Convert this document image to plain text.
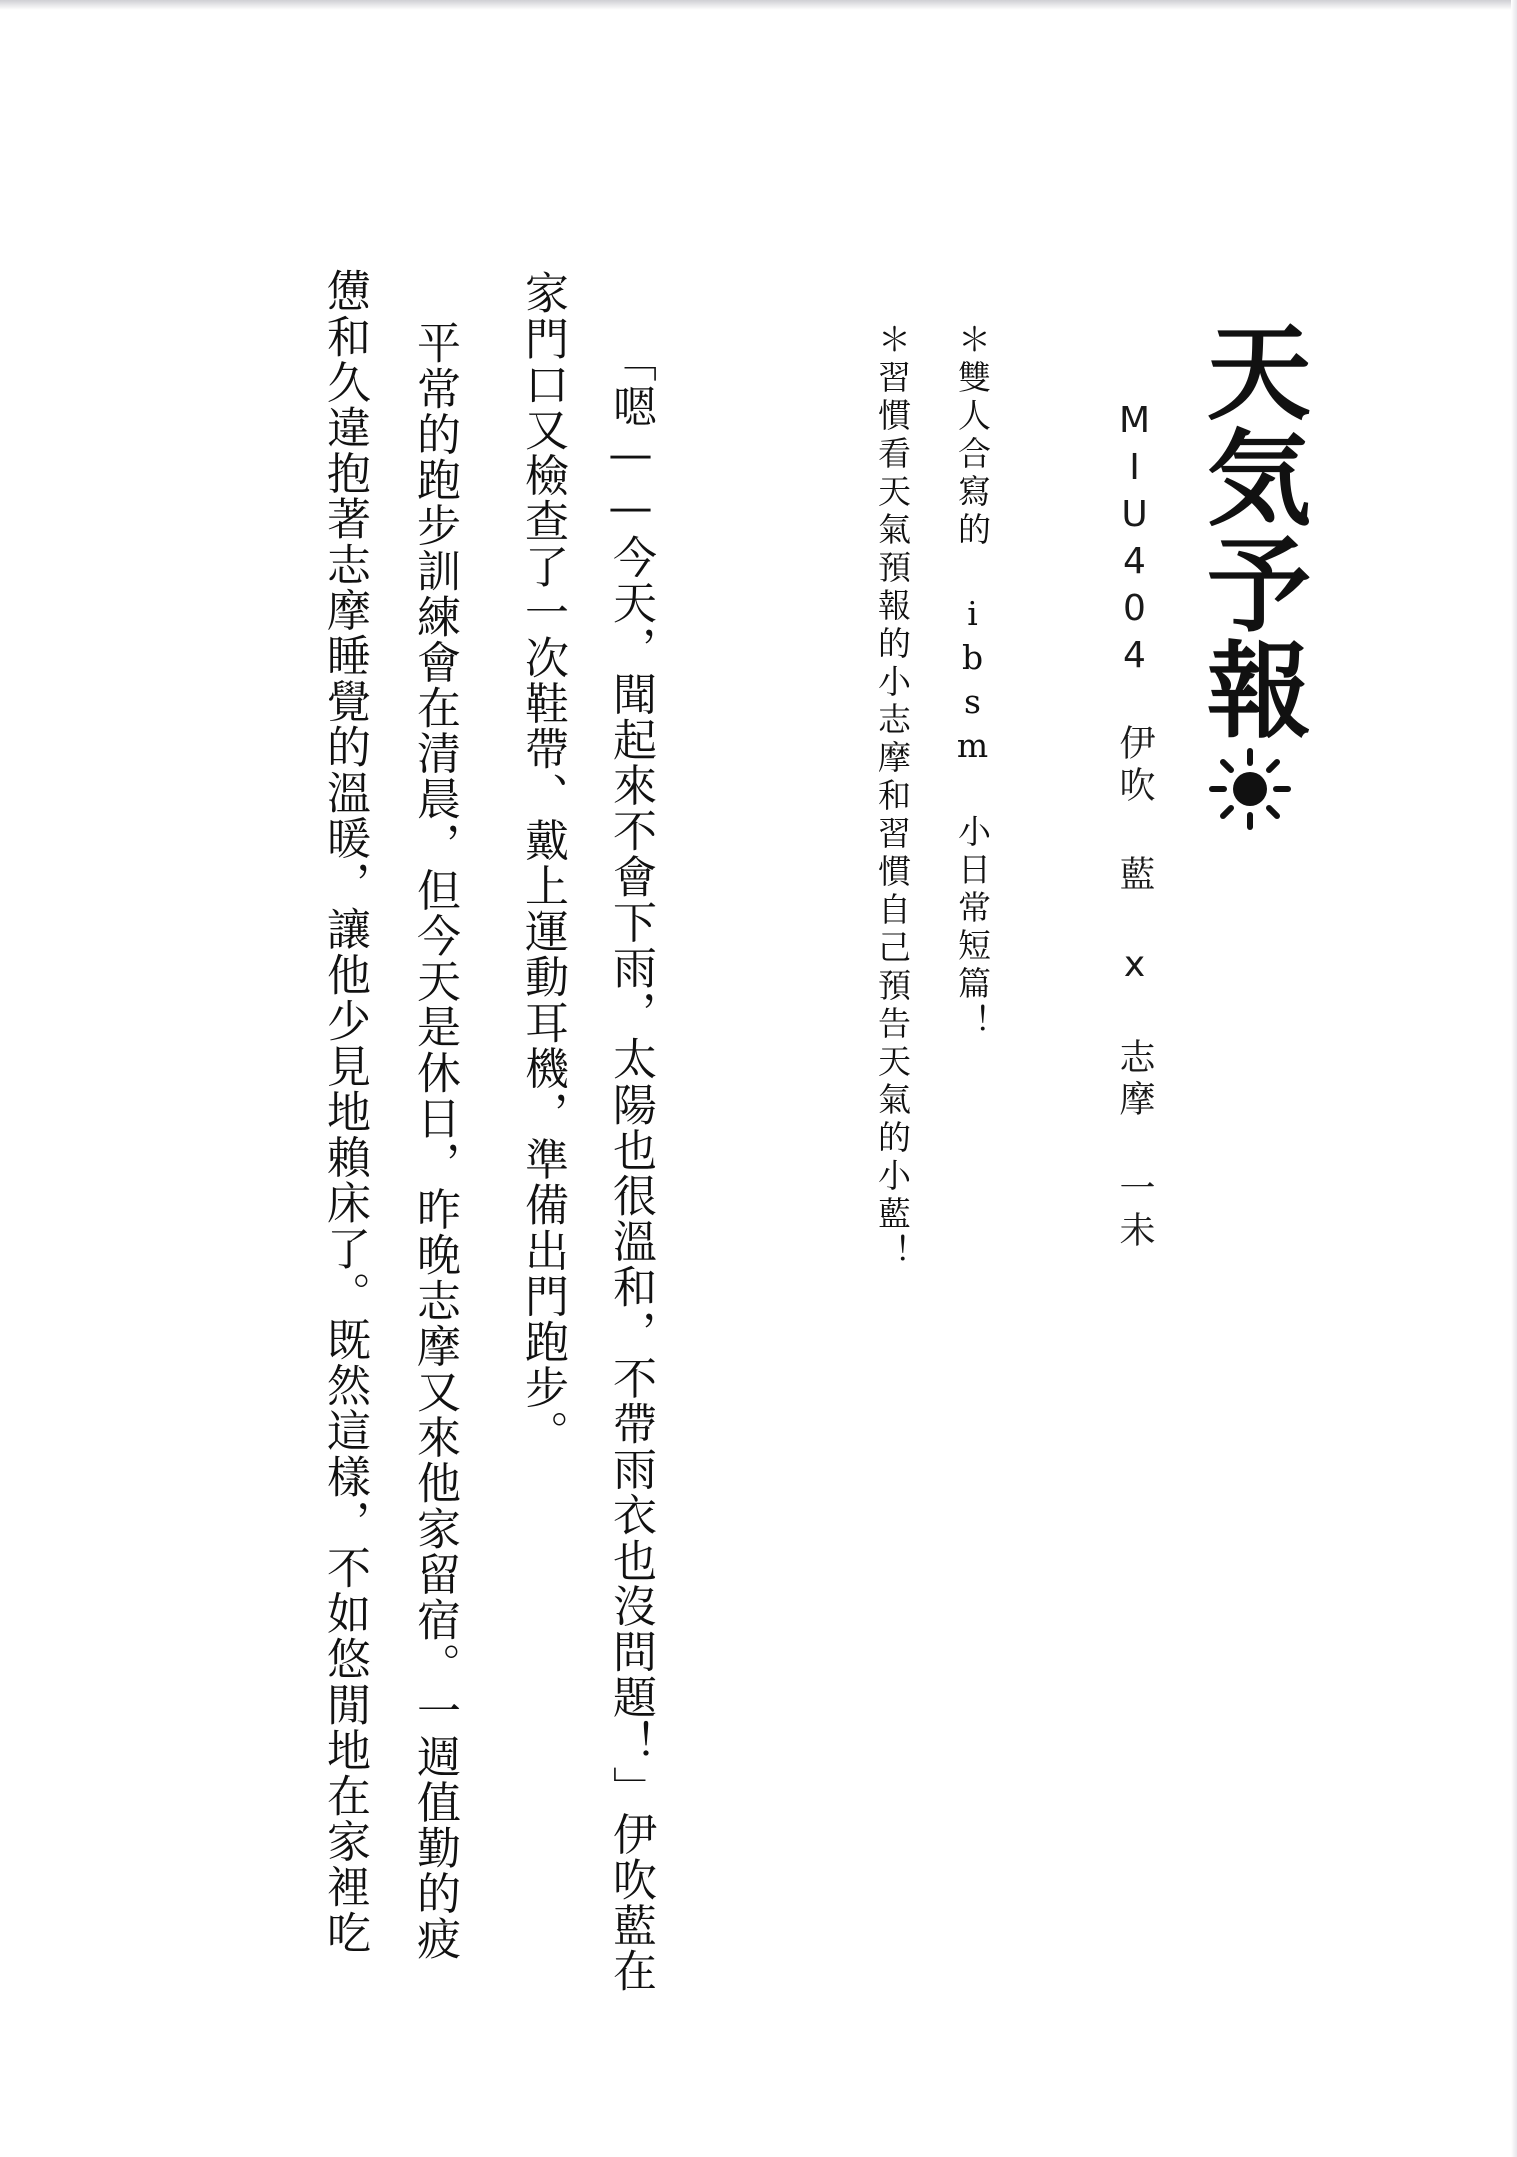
天気予報
MIU404　伊吹 藍 x 志摩 一未
＊雙人合寫的 ibsm 小日常短篇！
＊習慣看天氣預報的小志摩和習慣自己預告天氣的小藍！
「嗯——今天，聞起來不會下雨，太陽也很溫和，不帶雨衣也沒問題！」伊吹藍在
家門口又檢查了一次鞋帶、戴上運動耳機，準備出門跑步。
平常的跑步訓練會在清晨，但今天是休日，昨晚志摩又來他家留宿。一週值勤的疲
憊和久違抱著志摩睡覺的溫暖，讓他少見地賴床了。既然這樣，不如悠閒地在家裡吃
